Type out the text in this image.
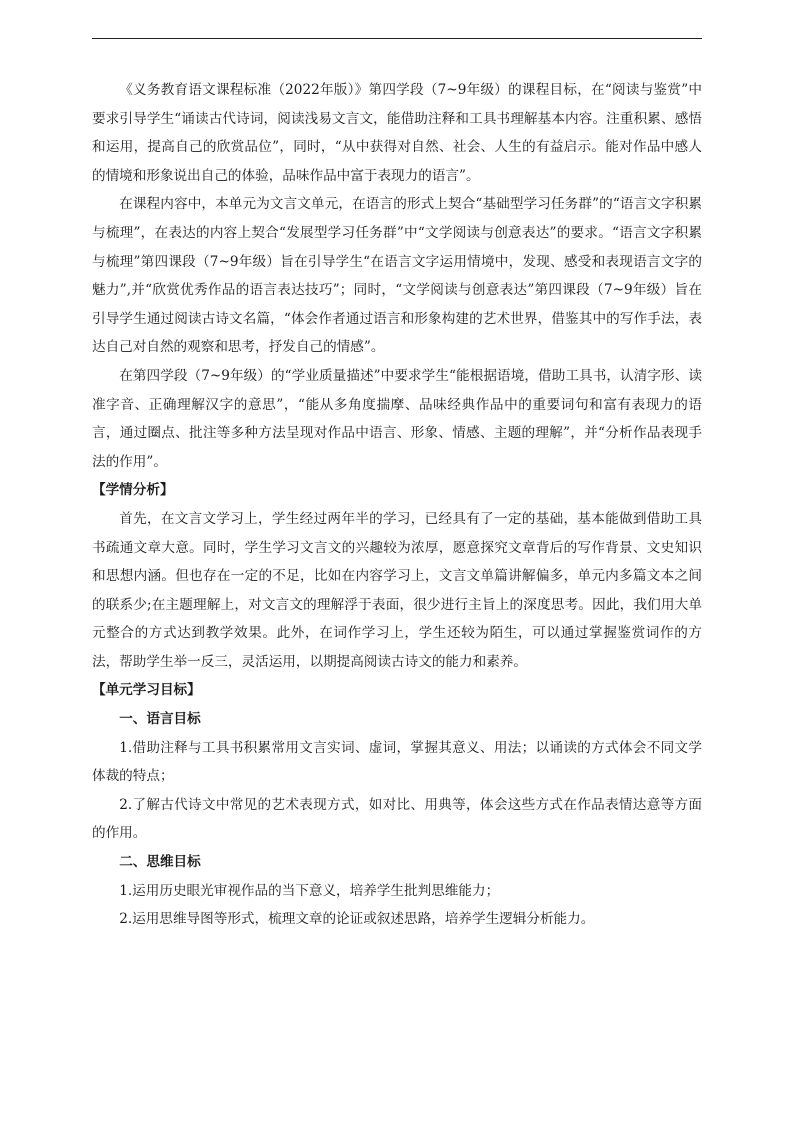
《义务教育语文课程标准（2022年版）》第四学段（7~9年级）的课程目标，在“阅读与鉴赏”中要求引导学生“诵读古代诗词，阅读浅易文言文，能借助注释和工具书理解基本内容。注重积累、感悟和运用，提高自己的欣赏品位”，同时，“从中获得对自然、社会、人生的有益启示。能对作品中感人的情境和形象说出自己的体验，品味作品中富于表现力的语言”。

在课程内容中，本单元为文言文单元，在语言的形式上契合“基础型学习任务群”的“语言文字积累与梳理”，在表达的内容上契合“发展型学习任务群”中“文学阅读与创意表达”的要求。“语言文字积累与梳理”第四课段（7~9年级）旨在引导学生“在语言文字运用情境中，发现、感受和表现语言文字的魅力”,并“欣赏优秀作品的语言表达技巧”；同时，“文学阅读与创意表达”第四课段（7~9年级）旨在引导学生通过阅读古诗文名篇，“体会作者通过语言和形象构建的艺术世界，借鉴其中的写作手法，表达自己对自然的观察和思考，抒发自己的情感”。

在第四学段（7~9年级）的“学业质量描述”中要求学生“能根据语境，借助工具书，认清字形、读准字音、正确理解汉字的意思”，“能从多角度揣摩、品味经典作品中的重要词句和富有表现力的语言，通过圈点、批注等多种方法呈现对作品中语言、形象、情感、主题的理解”，并“分析作品表现手法的作用”。

【学情分析】

首先，在文言文学习上，学生经过两年半的学习，已经具有了一定的基础，基本能做到借助工具书疏通文章大意。同时，学生学习文言文的兴趣较为浓厚，愿意探究文章背后的写作背景、文史知识和思想内涵。但也存在一定的不足，比如在内容学习上，文言文单篇讲解偏多，单元内多篇文本之间的联系少;在主题理解上，对文言文的理解浮于表面，很少进行主旨上的深度思考。因此，我们用大单元整合的方式达到教学效果。此外，在词作学习上，学生还较为陌生，可以通过掌握鉴赏词作的方法，帮助学生举一反三，灵活运用，以期提高阅读古诗文的能力和素养。

【单元学习目标】
一、语言目标

1.借助注释与工具书积累常用文言实词、虚词，掌握其意义、用法；以诵读的方式体会不同文学体裁的特点；

2.了解古代诗文中常见的艺术表现方式，如对比、用典等，体会这些方式在作品表情达意等方面的作用。

二、思维目标

1.运用历史眼光审视作品的当下意义，培养学生批判思维能力；

2.运用思维导图等形式，梳理文章的论证或叙述思路，培养学生逻辑分析能力。
